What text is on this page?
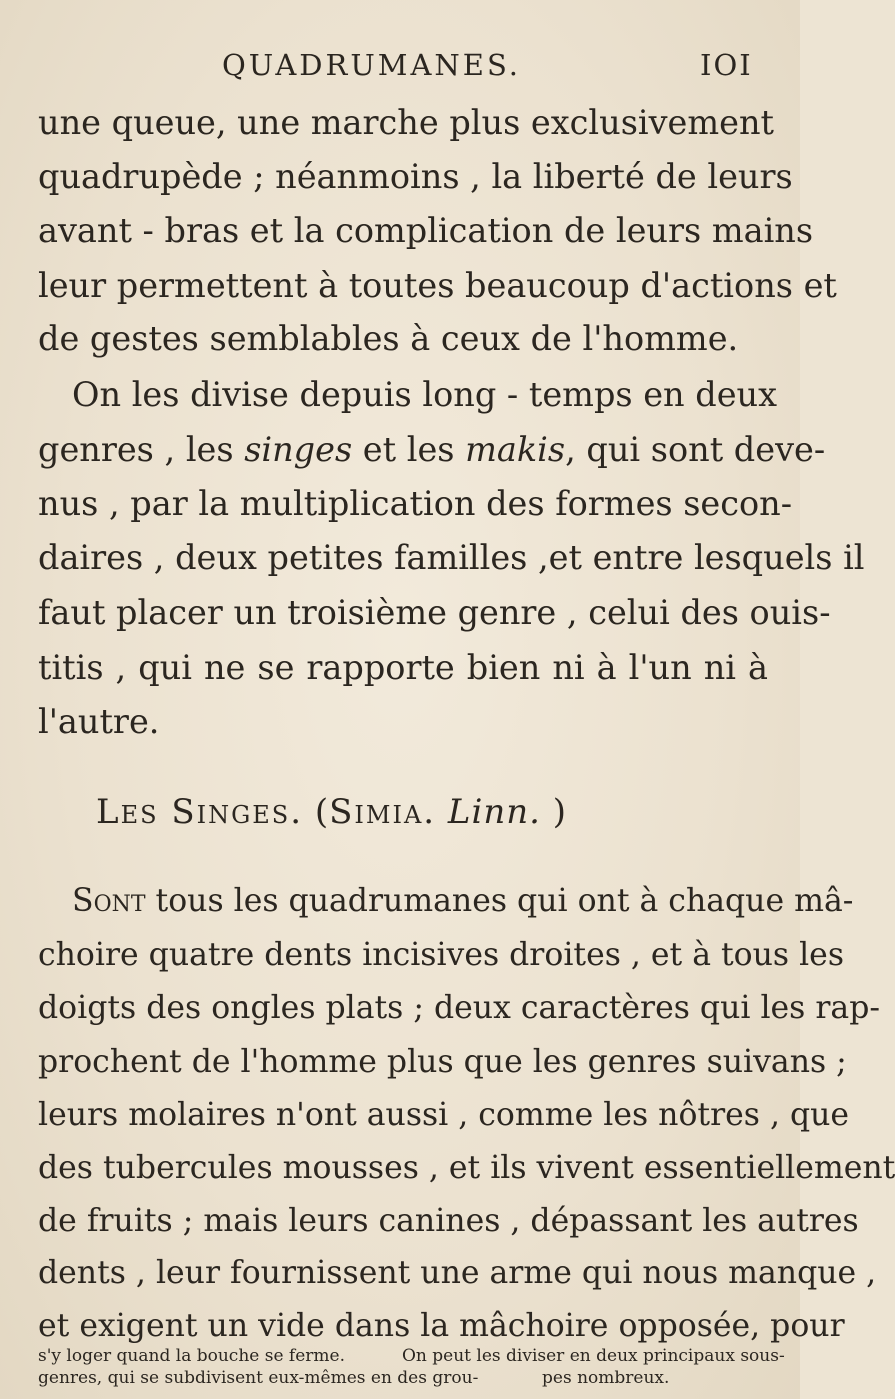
QUADRUMANES.	IOI
une queue, une marche plus exclusivement
quadrupède ; néanmoins , la liberté de leurs
avant - bras et la complication de leurs mains
leur permettent à toutes beaucoup d'actions et
de gestes semblables à ceux de l'homme.
On les divise depuis long - temps en deux
genres , les singes et les makis, qui sont deve-
nus , par la multiplication des formes secon-
daires , deux petites familles ,et entre lesquels il
faut placer un troisième genre , celui des ouis-
titis , qui ne se rapporte bien ni à l'un ni à
l'autre.
Les Singes. (Simia. Linn. )
Sont tous les quadrumanes qui ont à chaque mâ-
choire quatre dents incisives droites , et à tous les
doigts des ongles plats ; deux caractères qui les rap-
prochent de l'homme plus que les genres suivans ;
leurs molaires n'ont aussi , comme les nôtres , que
des tubercules mousses , et ils vivent essentiellement
de fruits ; mais leurs canines , dépassant les autres
dents , leur fournissent une arme qui nous manque ,
et exigent un vide dans la mâchoire opposée, pour
s'y loger quand la bouche se ferme.	On peut les diviser en deux principaux sous-
genres, qui se subdivisent eux-mêmes en des grou-	pes nombreux.
